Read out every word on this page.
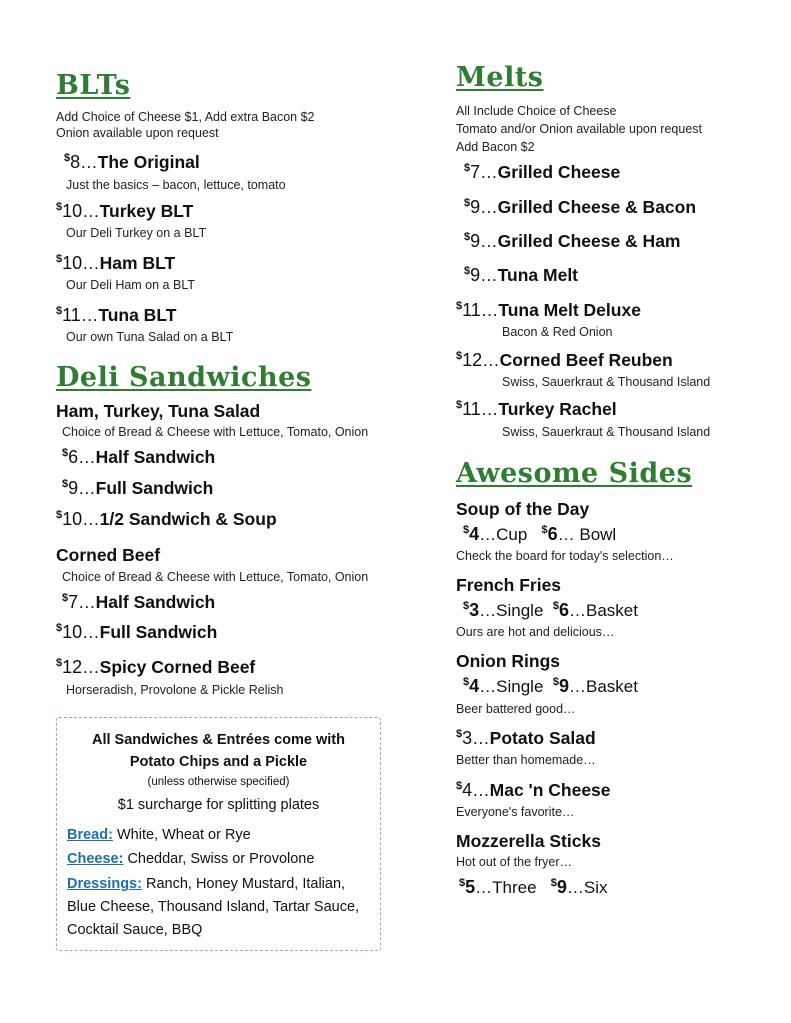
BLTs
Add Choice of Cheese $1, Add extra Bacon $2
Onion available upon request
$8…The Original
Just the basics – bacon, lettuce, tomato
$10…Turkey BLT
Our Deli Turkey on a BLT
$10…Ham BLT
Our Deli Ham on a BLT
$11…Tuna BLT
Our own Tuna Salad on a BLT
Deli Sandwiches
Ham, Turkey, Tuna Salad
Choice of Bread & Cheese with Lettuce, Tomato, Onion
$6…Half Sandwich
$9…Full Sandwich
$10…1/2 Sandwich & Soup
Corned Beef
Choice of Bread & Cheese with Lettuce, Tomato, Onion
$7…Half Sandwich
$10…Full Sandwich
$12…Spicy Corned Beef
Horseradish, Provolone & Pickle Relish
All Sandwiches & Entrées come with
Potato Chips and a Pickle
(unless otherwise specified)
$1 surcharge for splitting plates
Bread: White, Wheat or Rye
Cheese: Cheddar, Swiss or Provolone
Dressings: Ranch, Honey Mustard, Italian,
Blue Cheese, Thousand Island, Tartar Sauce,
Cocktail Sauce, BBQ
Melts
All Include Choice of Cheese
Tomato and/or Onion available upon request
Add Bacon $2
$7…Grilled Cheese
$9…Grilled Cheese & Bacon
$9…Grilled Cheese & Ham
$9…Tuna Melt
$11…Tuna Melt Deluxe
Bacon & Red Onion
$12…Corned Beef Reuben
Swiss, Sauerkraut & Thousand Island
$11…Turkey Rachel
Swiss, Sauerkraut & Thousand Island
Awesome Sides
Soup of the Day
$4…Cup $6… Bowl
Check the board for today's selection…
French Fries
$3…Single $6…Basket
Ours are hot and delicious…
Onion Rings
$4…Single $9…Basket
Beer battered good…
$3…Potato Salad
Better than homemade…
$4…Mac 'n Cheese
Everyone's favorite…
Mozzerella Sticks
Hot out of the fryer…
$5…Three $9…Six
